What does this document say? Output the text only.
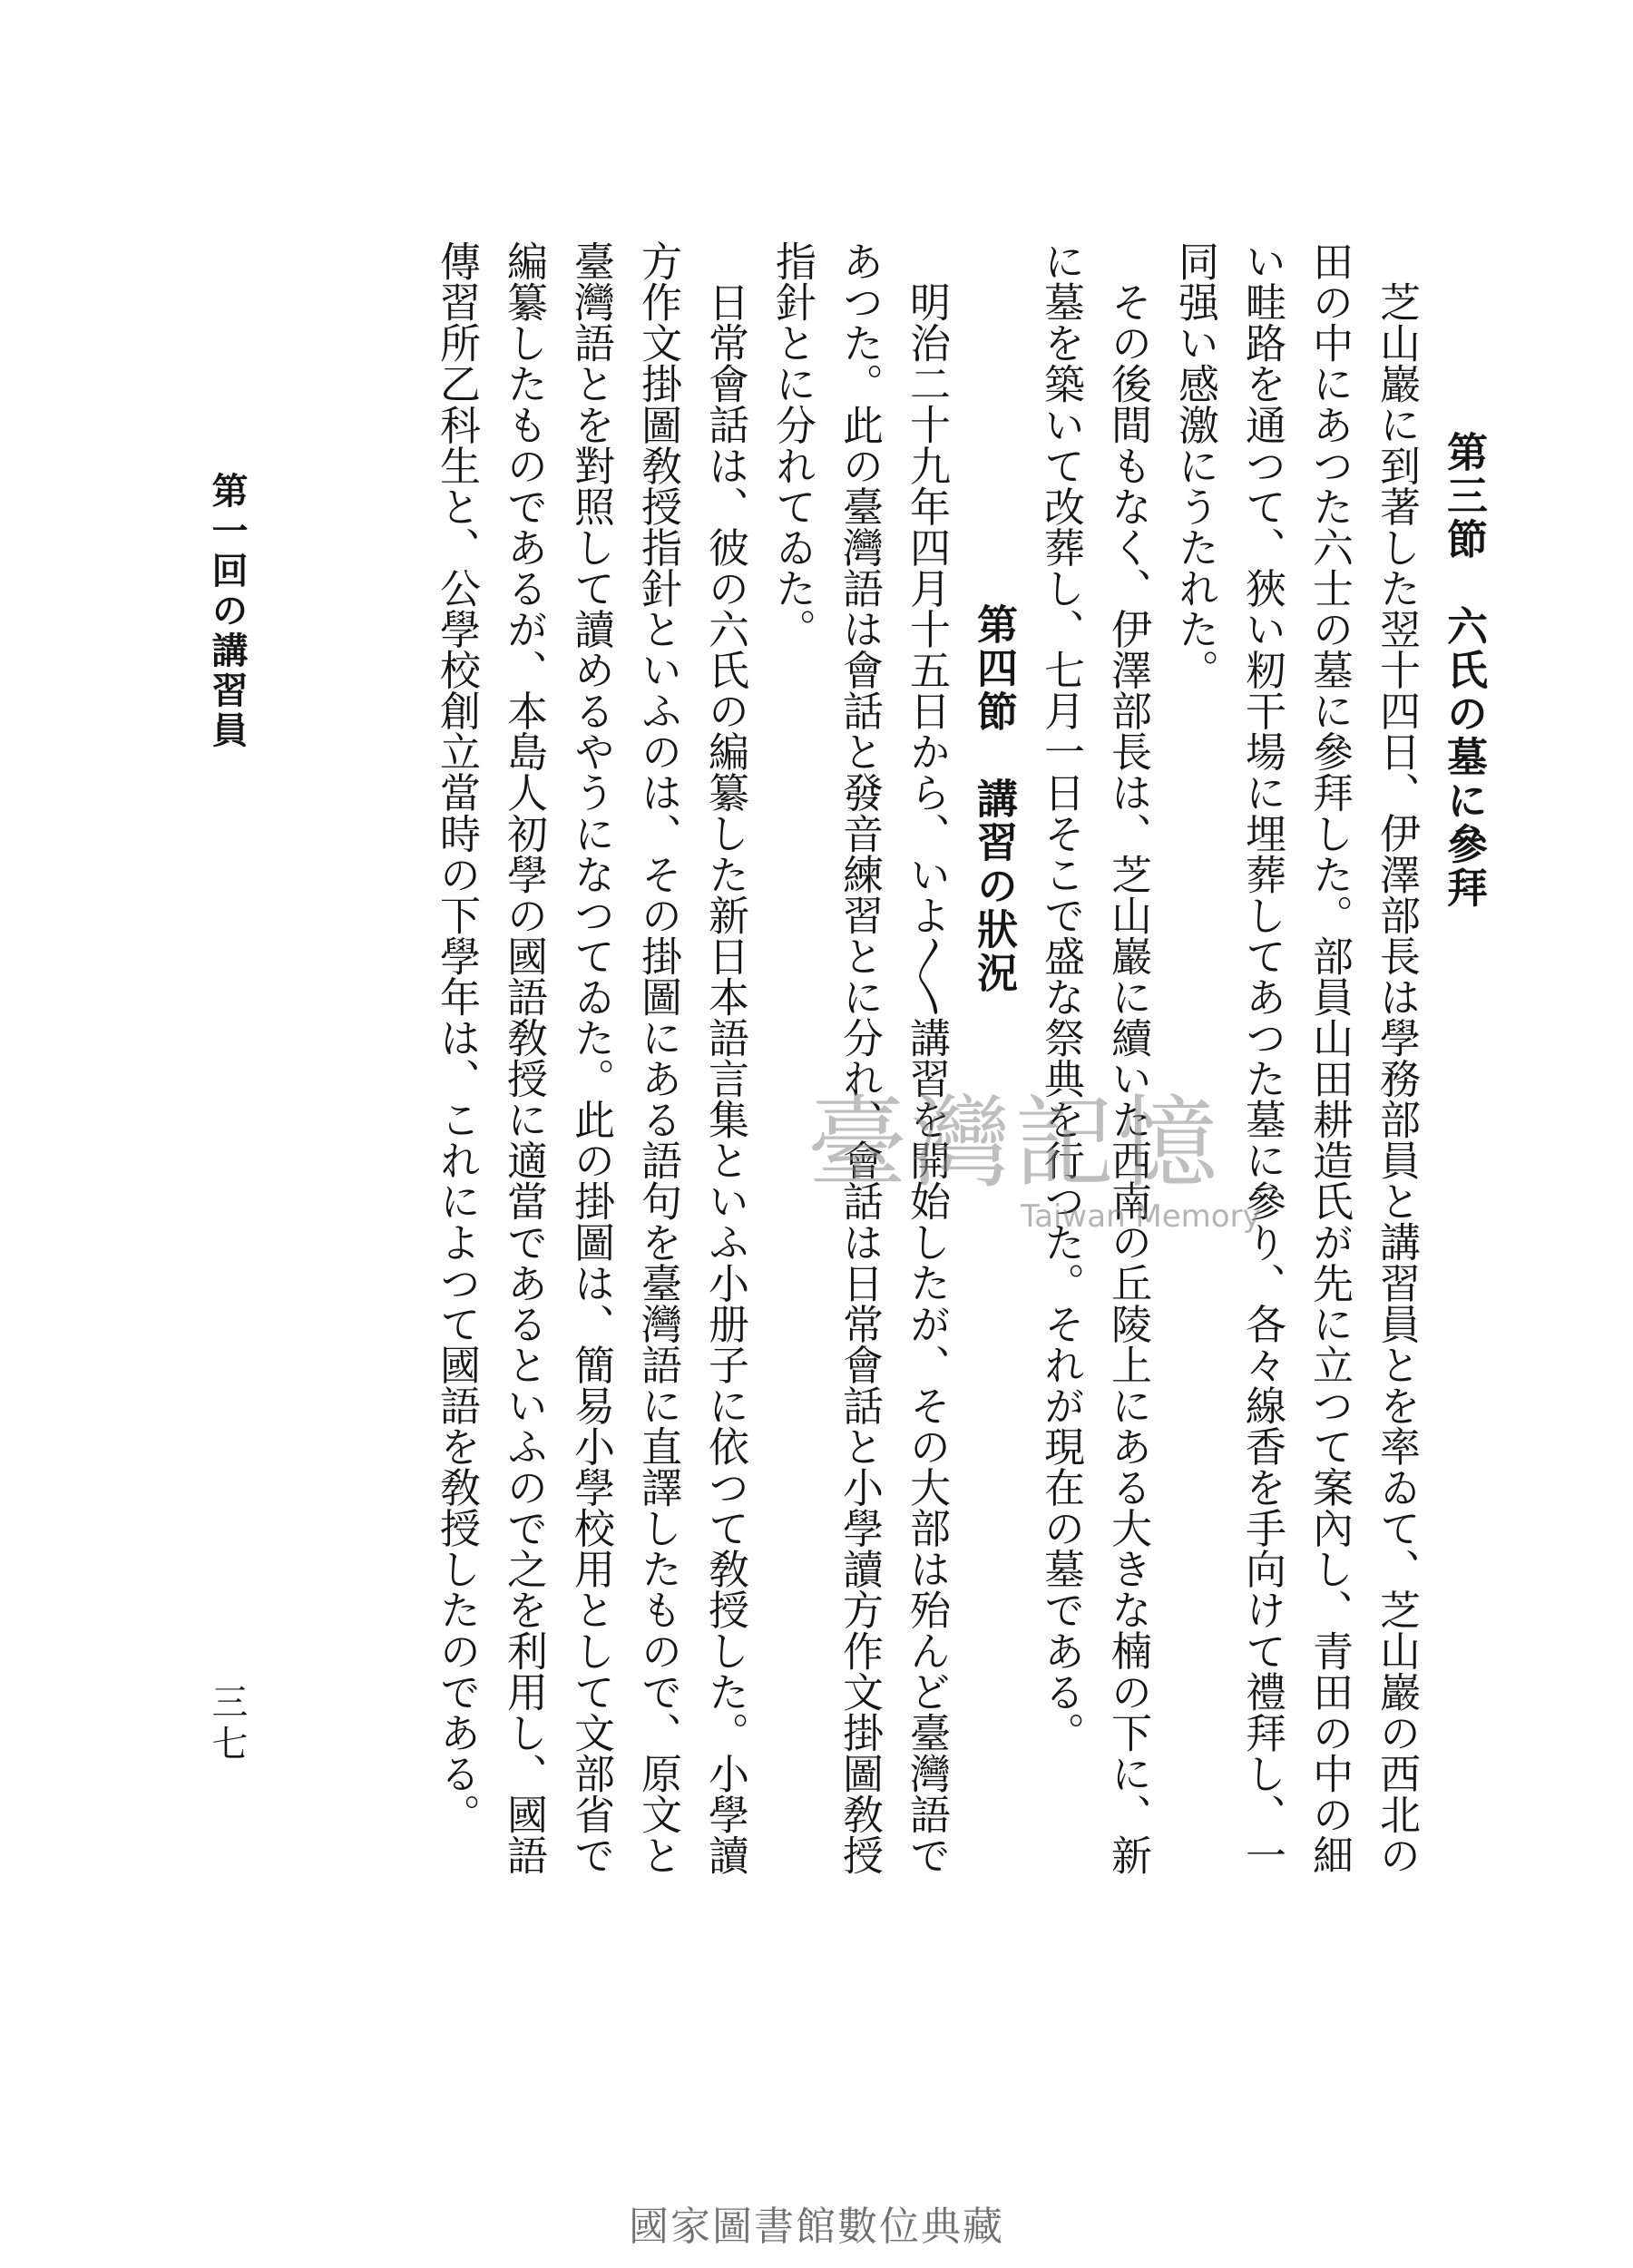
第三節　六氏の墓に參拜

芝山巖に到著した翌十四日、伊澤部長は學務部員と講習員とを率ゐて、芝山巖の西北の田の中にあつた六士の墓に參拜した。部員山田耕造氏が先に立つて案內し、青田の中の細い畦路を通つて、狹い籾干場に埋葬してあつた墓に參り、各々線香を手向けて禮拜し、一同强い感激にうたれた。

その後間もなく、伊澤部長は、芝山巖に續いた西南の丘陵上にある大きな楠の下に、新に墓を築いて改葬し、七月一日そこで盛な祭典を行つた。それが現在の墓である。

第四節　講習の狀況

明治二十九年四月十五日から、いよ〳〵講習を開始したが、その大部は殆んど臺灣語であつた。此の臺灣語は會話と發音練習とに分れ、會話は日常會話と小學讀方作文掛圖敎授指針とに分れてゐた。

日常會話は、彼の六氏の編纂した新日本語言集といふ小册子に依つて敎授した。小學讀方作文掛圖敎授指針といふのは、その掛圖にある語句を臺灣語に直譯したもので、原文と臺灣語とを對照して讀めるやうになつてゐた。此の掛圖は、簡易小學校用として文部省で編纂したものであるが、本島人初學の國語敎授に適當であるといふので之を利用し、國語傳習所乙科生と、公學校創立當時の下學年は、これによつて國語を敎授したのである。

第一回の講習員
三七
臺灣記憶
Taiwan Memory
國家圖書館數位典藏
